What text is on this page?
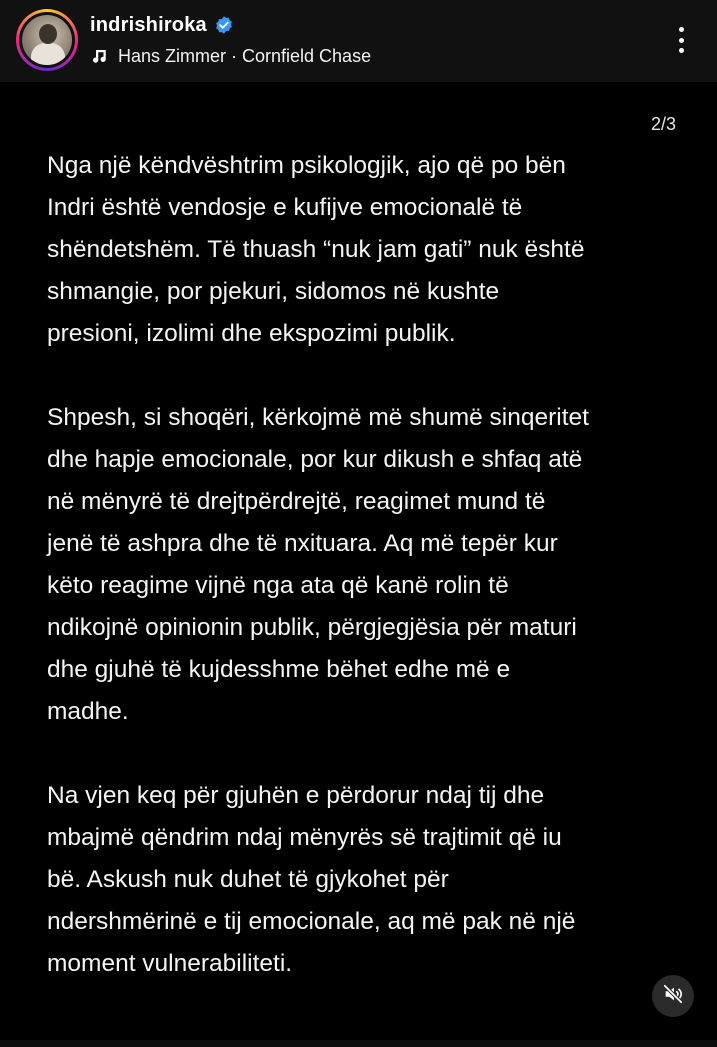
indrishiroka
Hans Zimmer · Cornfield Chase
2/3

Nga një këndvështrim psikologjik, ajo që po bën
Indri është vendosje e kufijve emocionalë të
shëndetshëm. Të thuash “nuk jam gati” nuk është
shmangie, por pjekuri, sidomos në kushte
presioni, izolimi dhe ekspozimi publik.

Shpesh, si shoqëri, kërkojmë më shumë sinqeritet
dhe hapje emocionale, por kur dikush e shfaq atë
në mënyrë të drejtpërdrejtë, reagimet mund të
jenë të ashpra dhe të nxituara. Aq më tepër kur
këto reagime vijnë nga ata që kanë rolin të
ndikojnë opinionin publik, përgjegjësia për maturi
dhe gjuhë të kujdesshme bëhet edhe më e
madhe.

Na vjen keq për gjuhën e përdorur ndaj tij dhe
mbajmë qëndrim ndaj mënyrës së trajtimit që iu
bë. Askush nuk duhet të gjykohet për
ndershmërinë e tij emocionale, aq më pak në një
moment vulnerabiliteti.
